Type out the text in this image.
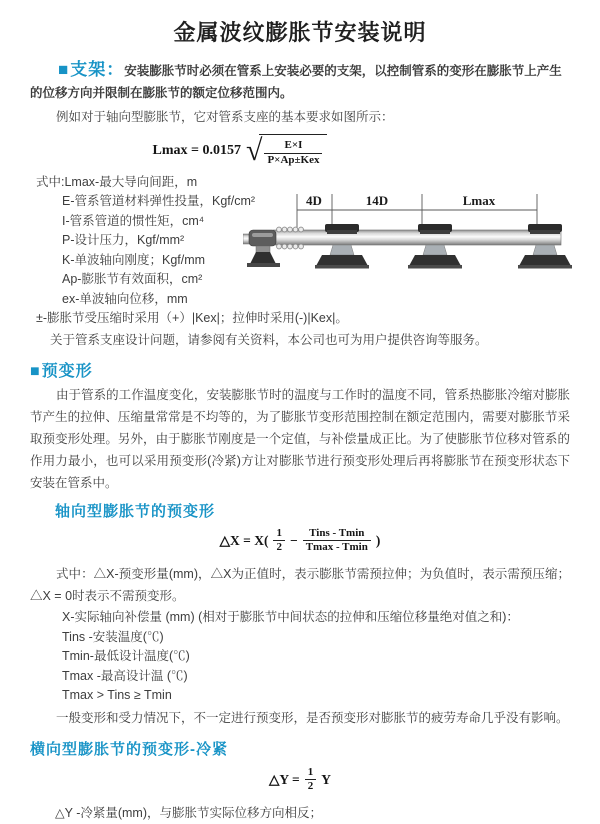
金属波纹膨胀节安装说明

■支架：安装膨胀节时必须在管系上安装必要的支架，以控制管系的变形在膨胀节上产生的位移方向并限制在膨胀节的额定位移范围内。

例如对于轴向型膨胀节，它对管系支座的基本要求如图所示：

Lmax = 0.0157 √ $\frac{E\times I}{\text{P×Ap±Kex}}$
式中:Lmax-最大导向间距，m
E-管系管道材料弹性投量，Kgf/cm²
I-管系管道的惯性矩，cm⁴
P-设计压力，Kgf/mm²
K-单波轴向刚度；Kgf/mm
Ap-膨胀节有效面积，cm²
ex-单波轴向位移，mm
±-膨胀节受压缩时采用（+）|Kex|；拉伸时采用(-)|Kex|。

关于管系支座设计问题，请参阅有关资料，本公司也可为用户提供咨询等服务。

■预变形

由于管系的工作温度变化，安装膨胀节时的温度与工作时的温度不同，管系热膨胀冷缩对膨胀节产生的拉伸、压缩量常常是不均等的，为了膨胀节变形范围控制在额定范围内，需要对膨胀节采取预变形处理。另外，由于膨胀节刚度是一个定值，与补偿量成正比。为了使膨胀节位移对管系的作用力最小，也可以采用预变形(冷紧)方让对膨胀节进行预变形处理后再将膨胀节在预变形状态下安装在管系中。

轴向型膨胀节的预变形
△X = $X( \frac{1}{2} - \frac{\text{Tins - Tmin}}{Tmax - Tmin}$ )

式中：△X-预变形量(mm)，△X为正值时，表示膨胀节需预拉伸；为负值时，表示需预压缩；△X = 0时表示不需预变形。

X-实际轴向补偿量 (mm) (相对于膨胀节中间状态的拉伸和压缩位移量绝对值之和)：
Tins -安装温度(℃)
Tmin-最低设计温度(℃)
Tmax -最高设计温 (℃)
Tmax > Tins ≥ Tmin

一般变形和受力情况下，不一定进行预变形，是否预变形对膨胀节的疲劳寿命几乎没有影响。

横向型膨胀节的预变形-冷紧
△Y = $\frac{1}{2}$ Y

△Y -冷紧量(mm)，与膨胀节实际位移方向相反；

4D	14D	Lmax
